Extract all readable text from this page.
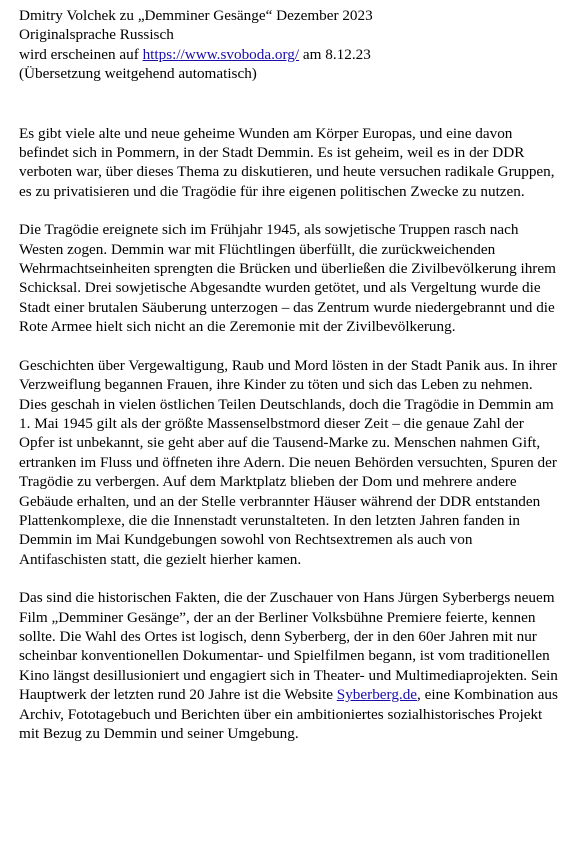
Dmitry Volchek zu „Demminer Gesänge“ Dezember 2023
Originalsprache Russisch
wird erscheinen auf https://www.svoboda.org/ am 8.12.23
(Übersetzung weitgehend automatisch)

Es gibt viele alte und neue geheime Wunden am Körper Europas, und eine davon befindet sich in Pommern, in der Stadt Demmin. Es ist geheim, weil es in der DDR verboten war, über dieses Thema zu diskutieren, und heute versuchen radikale Gruppen, es zu privatisieren und die Tragödie für ihre eigenen politischen Zwecke zu nutzen.

Die Tragödie ereignete sich im Frühjahr 1945, als sowjetische Truppen rasch nach Westen zogen. Demmin war mit Flüchtlingen überfüllt, die zurückweichenden Wehrmachtseinheiten sprengten die Brücken und überließen die Zivilbevölkerung ihrem Schicksal. Drei sowjetische Abgesandte wurden getötet, und als Vergeltung wurde die Stadt einer brutalen Säuberung unterzogen – das Zentrum wurde niedergebrannt und die Rote Armee hielt sich nicht an die Zeremonie mit der Zivilbevölkerung.

Geschichten über Vergewaltigung, Raub und Mord lösten in der Stadt Panik aus. In ihrer Verzweiflung begannen Frauen, ihre Kinder zu töten und sich das Leben zu nehmen. Dies geschah in vielen östlichen Teilen Deutschlands, doch die Tragödie in Demmin am 1. Mai 1945 gilt als der größte Massenselbstmord dieser Zeit – die genaue Zahl der Opfer ist unbekannt, sie geht aber auf die Tausend-Marke zu. Menschen nahmen Gift, ertranken im Fluss und öffneten ihre Adern. Die neuen Behörden versuchten, Spuren der Tragödie zu verbergen. Auf dem Marktplatz blieben der Dom und mehrere andere Gebäude erhalten, und an der Stelle verbrannter Häuser während der DDR entstanden Plattenkomplexe, die die Innenstadt verunstalteten. In den letzten Jahren fanden in Demmin im Mai Kundgebungen sowohl von Rechtsextremen als auch von Antifaschisten statt, die gezielt hierher kamen.

Das sind die historischen Fakten, die der Zuschauer von Hans Jürgen Syberbergs neuem Film „Demminer Gesänge”, der an der Berliner Volksbühne Premiere feierte, kennen sollte. Die Wahl des Ortes ist logisch, denn Syberberg, der in den 60er Jahren mit nur scheinbar konventionellen Dokumentar- und Spielfilmen begann, ist vom traditionellen Kino längst desillusioniert und engagiert sich in Theater- und Multimediaprojekten. Sein Hauptwerk der letzten rund 20 Jahre ist die Website Syberberg.de, eine Kombination aus Archiv, Fototagebuch und Berichten über ein ambitioniertes sozialhistorisches Projekt mit Bezug zu Demmin und seiner Umgebung.
